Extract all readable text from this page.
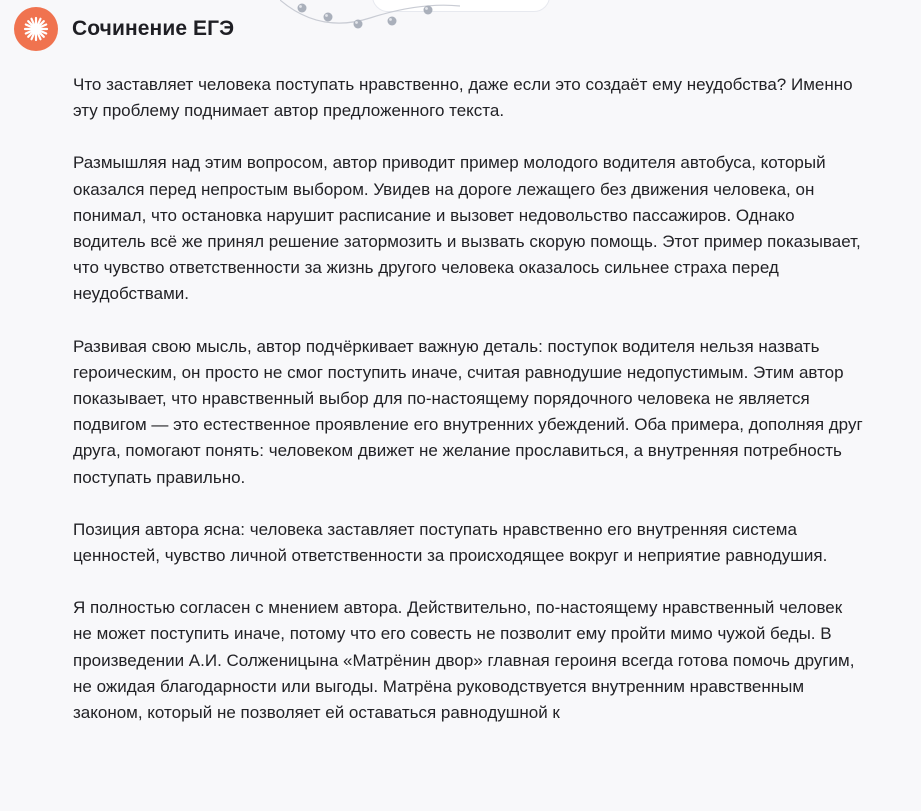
Сочинение ЕГЭ

Что заставляет человека поступать нравственно, даже если это создаёт ему неудобства? Именно эту проблему поднимает автор предложенного текста.

Размышляя над этим вопросом, автор приводит пример молодого водителя автобуса, который оказался перед непростым выбором. Увидев на дороге лежащего без движения человека, он понимал, что остановка нарушит расписание и вызовет недовольство пассажиров. Однако водитель всё же принял решение затормозить и вызвать скорую помощь. Этот пример показывает, что чувство ответственности за жизнь другого человека оказалось сильнее страха перед неудобствами.

Развивая свою мысль, автор подчёркивает важную деталь: поступок водителя нельзя назвать героическим, он просто не смог поступить иначе, считая равнодушие недопустимым. Этим автор показывает, что нравственный выбор для по-настоящему порядочного человека не является подвигом — это естественное проявление его внутренних убеждений. Оба примера, дополняя друг друга, помогают понять: человеком движет не желание прославиться, а внутренняя потребность поступать правильно.

Позиция автора ясна: человека заставляет поступать нравственно его внутренняя система ценностей, чувство личной ответственности за происходящее вокруг и неприятие равнодушия.

Я полностью согласен с мнением автора. Действительно, по-настоящему нравственный человек не может поступить иначе, потому что его совесть не позволит ему пройти мимо чужой беды. В произведении А.И. Солженицына «Матрёнин двор» главная героиня всегда готова помочь другим, не ожидая благодарности или выгоды. Матрёна руководствуется внутренним нравственным законом, который не позволяет ей оставаться равнодушной к
